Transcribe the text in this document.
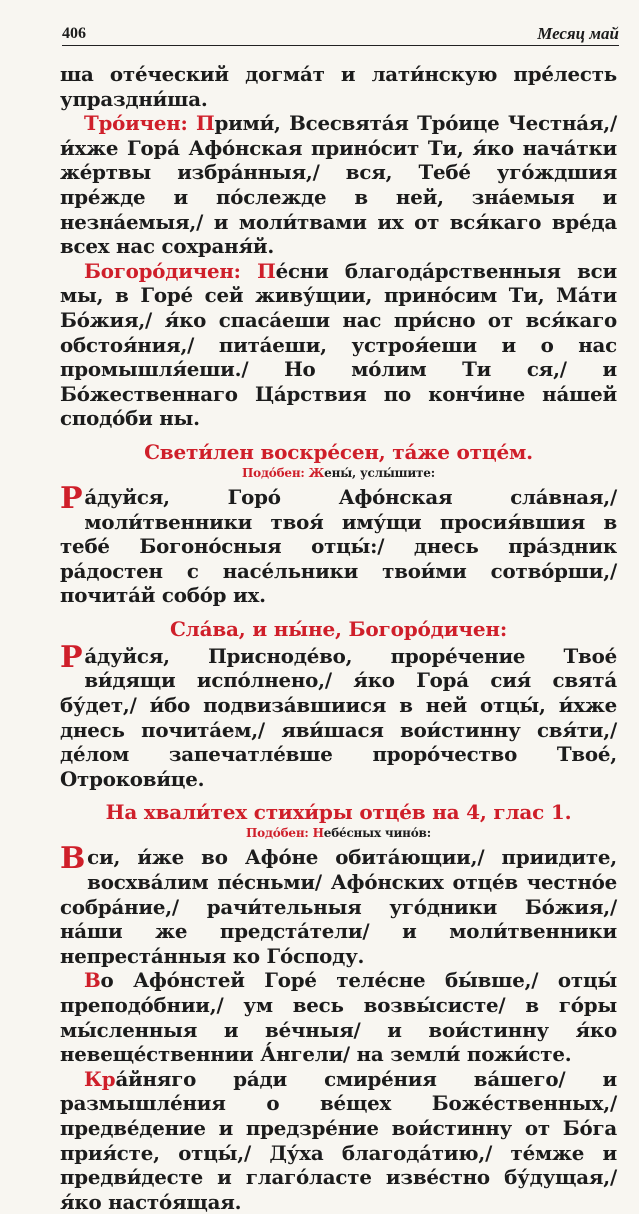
406	Месяц май

ша оте́ческий догма́т и лати́нскую пре́лесть упраздни́ша.

Тро́ичен: Прими́, Всесвята́я Тро́ице Честна́я,/ и́хже Гора́ Афо́нская прино́сит Ти, я́ко нача́тки же́ртвы избра́нныя,/ вся, Тебе́ уго́ждшия пре́жде и по́слежде в ней, зна́емыя и незна́емыя,/ и моли́твами их от вся́каго вре́да всех нас сохраня́й.

Богоро́дичен: Пе́сни благода́рственныя вси мы, в Горе́ сей живу́щии, прино́сим Ти, Ма́ти Бо́жия,/ я́ко спаса́еши нас при́сно от вся́каго обстоя́ния,/ пита́еши, устроя́еши и о нас промышля́еши./ Но мо́лим Ти ся,/ и Бо́жественнаго Ца́рствия по конч́ине на́шей сподо́би ны.

Свети́лен воскре́сен, та́же отце́м.
Подо́бен: Жены́, услы́шите:

Ра́дуйся, Горо́ Афо́нская сла́вная,/ моли́твенники твоя́ иму́щи просия́вшия в тебе́ Богоно́сныя отцы́:/ днесь пра́здник ра́достен с насе́льники твои́ми сотво́рши,/ почита́й собо́р их.

Сла́ва, и ны́не, Богоро́дичен:

Ра́дуйся, Присноде́во, проре́чение Твое́ ви́дящи испо́лнено,/ я́ко Гора́ сия́ свята́ бу́дет,/ и́бо подвиза́вшиися в ней отцы́, и́хже днесь почита́ем,/ яви́шася вои́стинну свя́ти,/ де́лом запечатле́вше проро́чество Твое́, Отрокови́це.

На хвали́тех стихи́ры отце́в на 4, глас 1.
Подо́бен: Небе́сных чино́в:

Вси, и́же во Афо́не обита́ющии,/ приидите, восхва́лим пе́сньми/ Афо́нских отце́в честно́е собра́ние,/ рачи́тельныя уго́дники Бо́жия,/ на́ши же предста́тели/ и моли́твенники непреста́нныя ко Го́споду.

Во Афо́нстей Горе́ теле́сне бы́вше,/ отцы́ преподо́бнии,/ ум весь возвы́систе/ в го́ры мы́сленныя и ве́чныя/ и вои́стинну я́ко невеще́ственнии А́нгели/ на земли́ пожи́сте.

Кра́йняго ра́ди смире́ния ва́шего/ и размышле́ния о ве́щех Боже́ственных,/ предве́дение и предзре́ние вои́стинну от Бо́га прия́сте, отцы́,/ Ду́ха благода́тию,/ те́мже и предви́десте и глаго́ласте изве́стно бу́дущая,/ я́ко насто́ящая.
